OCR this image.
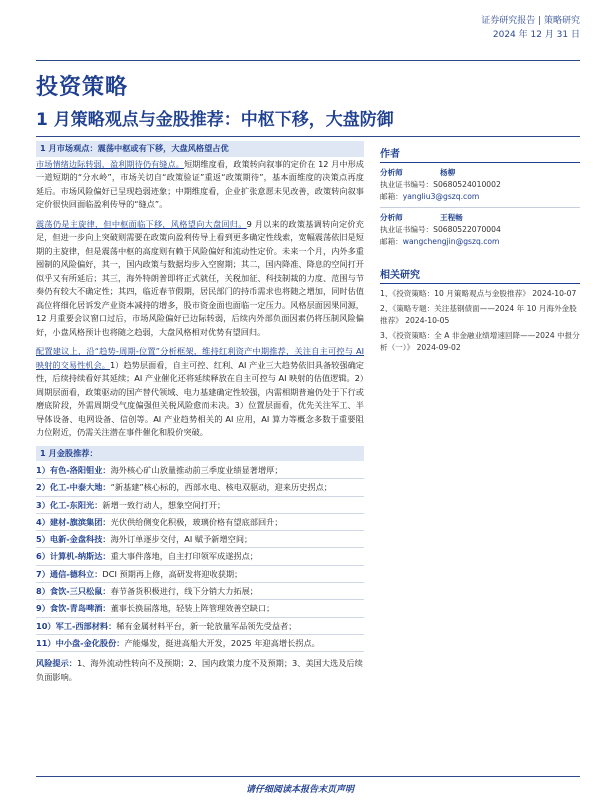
证券研究报告 | 策略研究
2024 年 12 月 31 日
投资策略
1 月策略观点与金股推荐：中枢下移，大盘防御
1 月市场观点：震荡中枢或有下移，大盘风格望占优

市场情绪边际转弱，盈利期待仍有缝点。短期维度看，政策转向叙事的定价在 12 月中形成一道短期的“分水岭”，市场关切自“政策验证”重返“政策期待”，基本面维度的决策点再度延后。市场风险偏好已呈现趋弱迹象；中期维度看，企业扩张意愿未见改善，政策转向叙事定价很快回面临盈利传导的“缝点”。

震荡仍是主旋律，但中枢面临下移，风格望向大盘回归。9 月以来的政策基调转向定价充足，但进一步向上突破则需要在政策向盈利传导上看到更多确定性线索，宽幅震荡依旧是短期的主旋律，但是震荡中枢的高度则有赖于风险偏好和流动性定价。未来一个月，内外多重囤制的风险偏好，其一，国内政策与数据均步入空窗期；其二，国内降准、降息的空间打开似乎又有所延后；其三，海外特朗普即将正式就任，关税加征、科技制裁的力度、范围与节奏仍有较大不确定性；其四，临近春节假期，居民部门的持币需求也将随之增加，同时估值高位将细化居诉发产业资本减持的增多，股市资金面也面临一定压力。风格层面因果同源，12 月重要会议窗口过后，市场风险偏好已边际转弱，后续内外部负面因素仍将压制风险偏好，小盘风格预计也将随之趋弱，大盘风格相对优势有望回归。

配置建议上，沿“趋势-周期-位置”分析框架，维持红利资产中期推荐，关注自主可控与 AI 映射的交易性机会。1）趋势层面看，自主可控、红利、AI 产业三大趋势依旧具备较强确定性，后续持续看好其延续；AI 产业催化还将延续释放在自主可控与 AI 映射的估值逻辑。2）周期层面看，政策驱动的国产替代领域、电力基建确定性较强，内需相期普遍仍处于下行或磨底阶段，外需周期受气度偏强但关税风险愈而未决。3）位置层面看，优先关注军工、半导体设备、电网设备、信创等。AI 产业趋势相关的 AI 应用，AI 算力等概念多数于重要阻力位附近，仍需关注潜在事件催化和股价突破。

1 月金股推荐：
1）有色-洛阳钼业：海外核心矿山放量推动前三季度业绩显著增厚；
2）化工-中泰大地：“新基建”核心标的，西部水电、核电双驱动，迎来历史拐点；
3）化工-东阳光：新增一致行动人，想象空间打开；
4）建材-旗滨集团：光伏供给侧变化积极，玻璃价格有望底部回升；
5）电新-金盘科技：海外订单逐步交付，AI 赋予新增空间；
6）计算机-纳斯达：重大事件落地，自主打印领军成遂拐点；
7）通信-德科立：DCI 预期再上修，高研发将迎收获期；
8）食饮-三只松鼠：春节备货积极进行，线下分销大力拓展；
9）食饮-青岛啤酒：董事长换届落地，轻装上阵管理效善空缺口；
10）军工-西部材料：稀有金属材料平台，新一轮放量军品领先受益者；
11）中小盘-金化股份：产能爆发，挺进高船大开发，2025 年迎高增长拐点。
风险提示：1、海外流动性转向不及预期；2、国内政策力度不及预期；3、美国大选及后续负面影响。
作者
分析师	杨柳
执业证书编号：S0680524010002
邮箱：yangliu3@gszq.com
分析师	王程畅
执业证书编号：S0680522070004
邮箱：wangchengjin@gszq.com
相关研究
1、《投资策略：10 月策略观点与金股推荐》 2024-10-07
2、《策略专题：关注基钢债面——2024 年 10 月海外金股推荐》 2024-10-05
3、《投资策略：全 A 非金融业绩增速回降——2024 中报分析（一）》 2024-09-02
请仔细阅读本报告末页声明
